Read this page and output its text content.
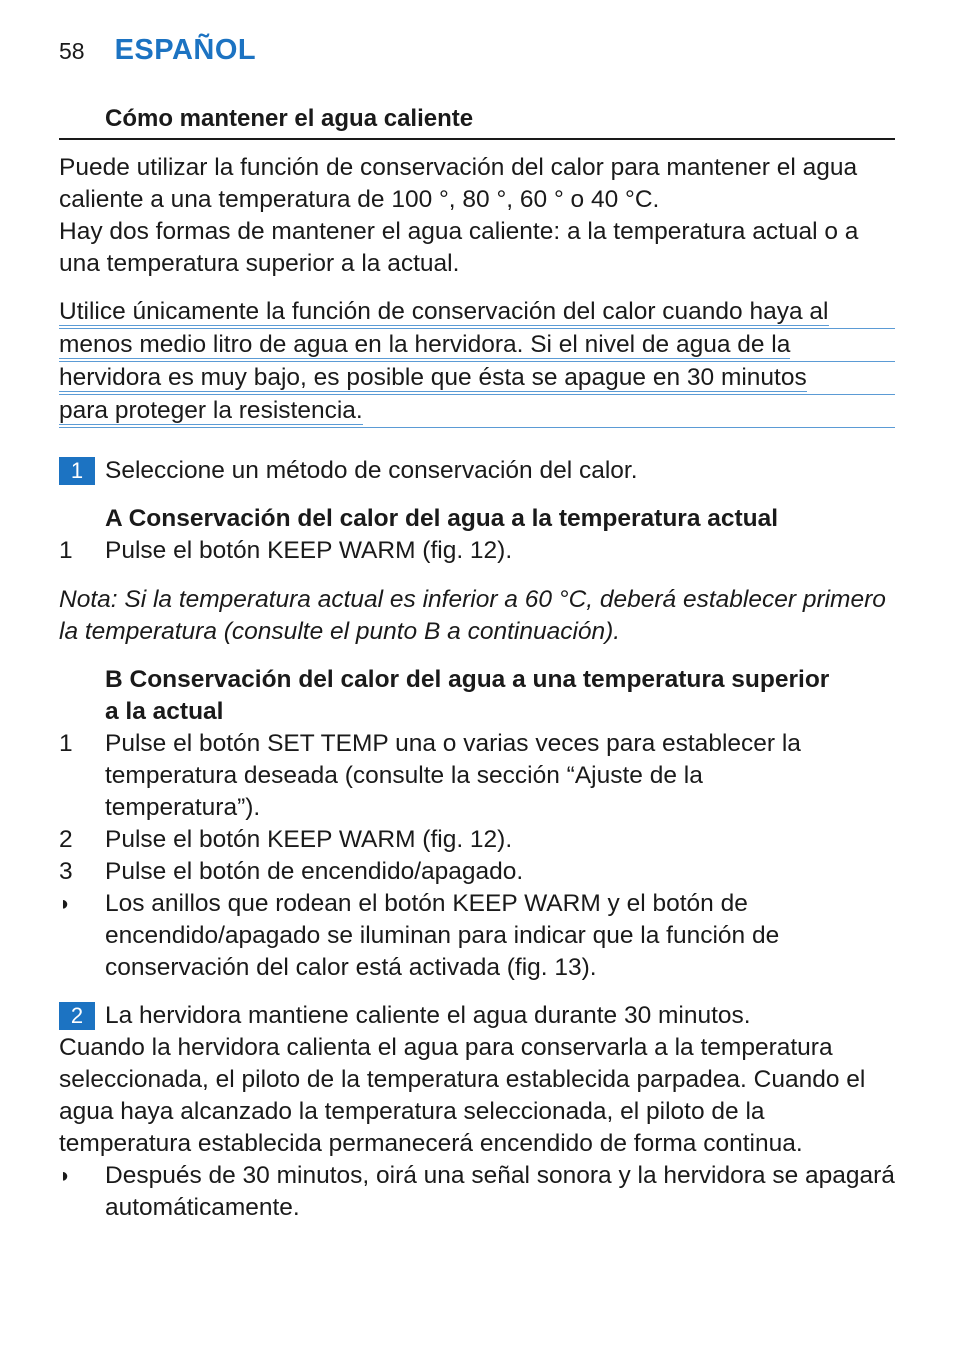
58 ESPAÑOL
Cómo mantener el agua caliente

Puede utilizar la función de conservación del calor para mantener el agua caliente a una temperatura de 100 °, 80 °, 60 ° o 40 °C.

Hay dos formas de mantener el agua caliente: a la temperatura actual o a una temperatura superior a la actual.

Utilice únicamente la función de conservación del calor cuando haya al
menos medio litro de agua en la hervidora. Si el nivel de agua de la
hervidora es muy bajo, es posible que ésta se apague en 30 minutos
para proteger la resistencia.
1 Seleccione un método de conservación del calor.
A Conservación del calor del agua a la temperatura actual
1	Pulse el botón KEEP WARM (fig. 12).
Nota: Si la temperatura actual es inferior a 60 °C, deberá establecer primero la temperatura (consulte el punto B a continuación).
B Conservación del calor del agua a una temperatura superior a la actual
1	Pulse el botón SET TEMP una o varias veces para establecer la temperatura deseada (consulte la sección “Ajuste de la temperatura”).
2	Pulse el botón KEEP WARM (fig. 12).
3	Pulse el botón de encendido/apagado.
◗	Los anillos que rodean el botón KEEP WARM y el botón de encendido/apagado se iluminan para indicar que la función de conservación del calor está activada (fig. 13).
2 La hervidora mantiene caliente el agua durante 30 minutos.

Cuando la hervidora calienta el agua para conservarla a la temperatura seleccionada, el piloto de la temperatura establecida parpadea. Cuando el agua haya alcanzado la temperatura seleccionada, el piloto de la temperatura establecida permanecerá encendido de forma continua.

◗	Después de 30 minutos, oirá una señal sonora y la hervidora se apagará automáticamente.
